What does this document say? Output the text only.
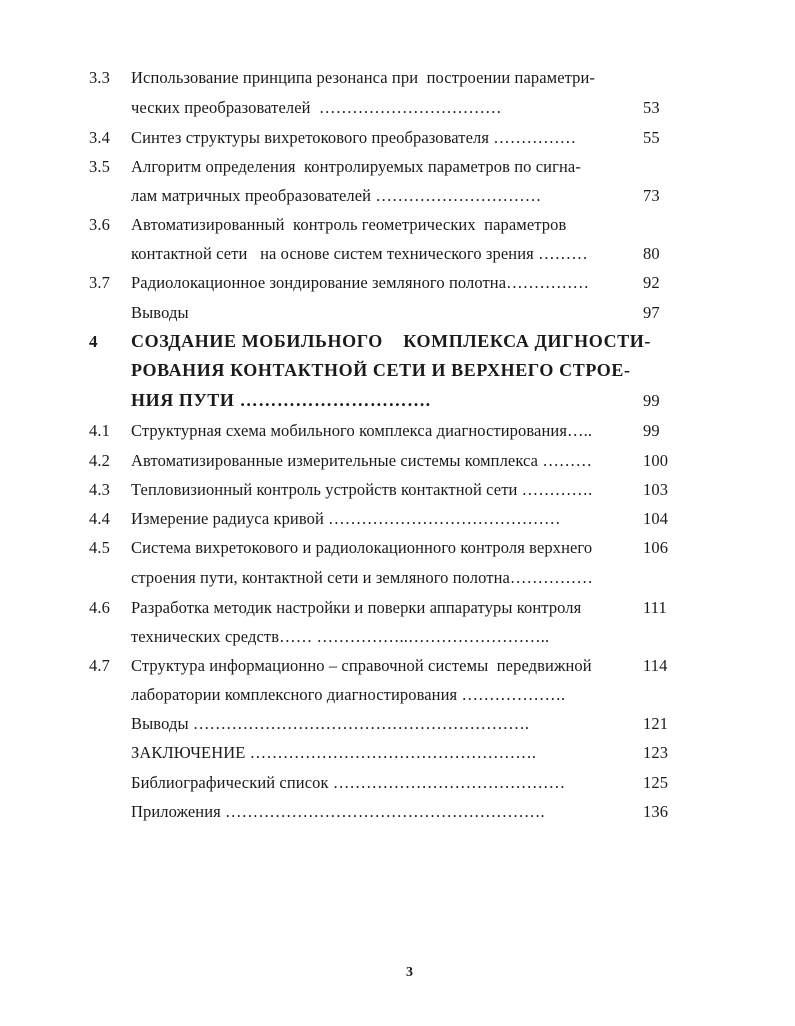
3.3 Использование принципа резонанса при  построении параметри-
ческих преобразователей  ……………………………	53
3.4 Синтез структуры вихретокового преобразователя ……………	55
3.5 Алгоритм определения  контролируемых параметров по сигна-
лам матричных преобразователей …………………………	73
3.6 Автоматизированный  контроль геометрических  параметров
контактной сети   на основе систем технического зрения ………	80
3.7 Радиолокационное зондирование земляного полотна……………	92
Выводы	97
4 СОЗДАНИЕ МОБИЛЬНОГО    КОМПЛЕКСА ДИГНОСТИ-
РОВАНИЯ КОНТАКТНОЙ СЕТИ И ВЕРХНЕГО СТРОЕ-
НИЯ ПУТИ ………………………….	99
4.1 Структурная схема мобильного комплекса диагностирования…..	99
4.2 Автоматизированные измерительные системы комплекса ………	100
4.3 Тепловизионный контроль устройств контактной сети ………….	103
4.4 Измерение радиуса кривой ……………………………………	104
4.5 Система вихретокового и радиолокационного контроля верхнего	106
строения пути, контактной сети и земляного полотна……………
4.6 Разработка методик настройки и поверки аппаратуры контроля	111
технических средств…… ……………..……………………..
4.7 Структура информационно – справочной системы  передвижной	114
лаборатории комплексного диагностирования ……………….
Выводы …………………………………………………….	121
ЗАКЛЮЧЕНИЕ …………………………………………….	123
Библиографический список ……………………………………	125
Приложения ………………………………………………….	136
3
